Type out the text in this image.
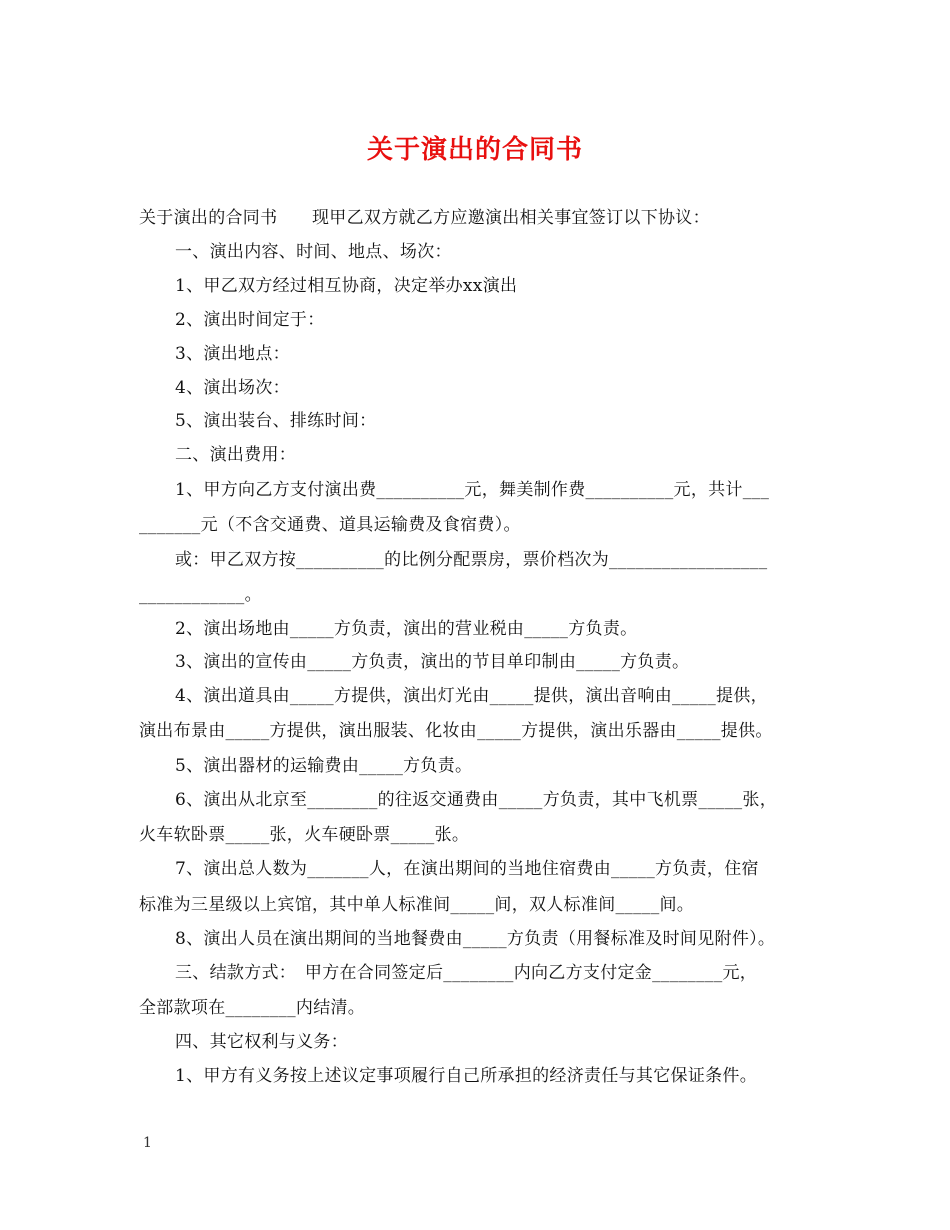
关于演出的合同书
关于演出的合同书　　现甲乙双方就乙方应邀演出相关事宜签订以下协议：
一、演出内容、时间、地点、场次：
1、甲乙双方经过相互协商，决定举办xx演出
2、演出时间定于：
3、演出地点：
4、演出场次：
5、演出装台、排练时间：
二、演出费用：
1、甲方向乙方支付演出费__________元，舞美制作费__________元，共计___
_______元（不含交通费、道具运输费及食宿费）。
或：甲乙双方按__________的比例分配票房，票价档次为__________________
____________。
2、演出场地由_____方负责，演出的营业税由_____方负责。
3、演出的宣传由_____方负责，演出的节目单印制由_____方负责。
4、演出道具由_____方提供，演出灯光由_____提供，演出音响由_____提供，
演出布景由_____方提供，演出服装、化妆由_____方提供，演出乐器由_____提供。
5、演出器材的运输费由_____方负责。
6、演出从北京至________的往返交通费由_____方负责，其中飞机票_____张，
火车软卧票_____张，火车硬卧票_____张。
7、演出总人数为_______人，在演出期间的当地住宿费由_____方负责，住宿
标准为三星级以上宾馆，其中单人标准间_____间，双人标准间_____间。
8、演出人员在演出期间的当地餐费由_____方负责（用餐标准及时间见附件）。
三、结款方式：　甲方在合同签定后________内向乙方支付定金________元，
全部款项在________内结清。
四、其它权利与义务：
1、甲方有义务按上述议定事项履行自己所承担的经济责任与其它保证条件。
1
